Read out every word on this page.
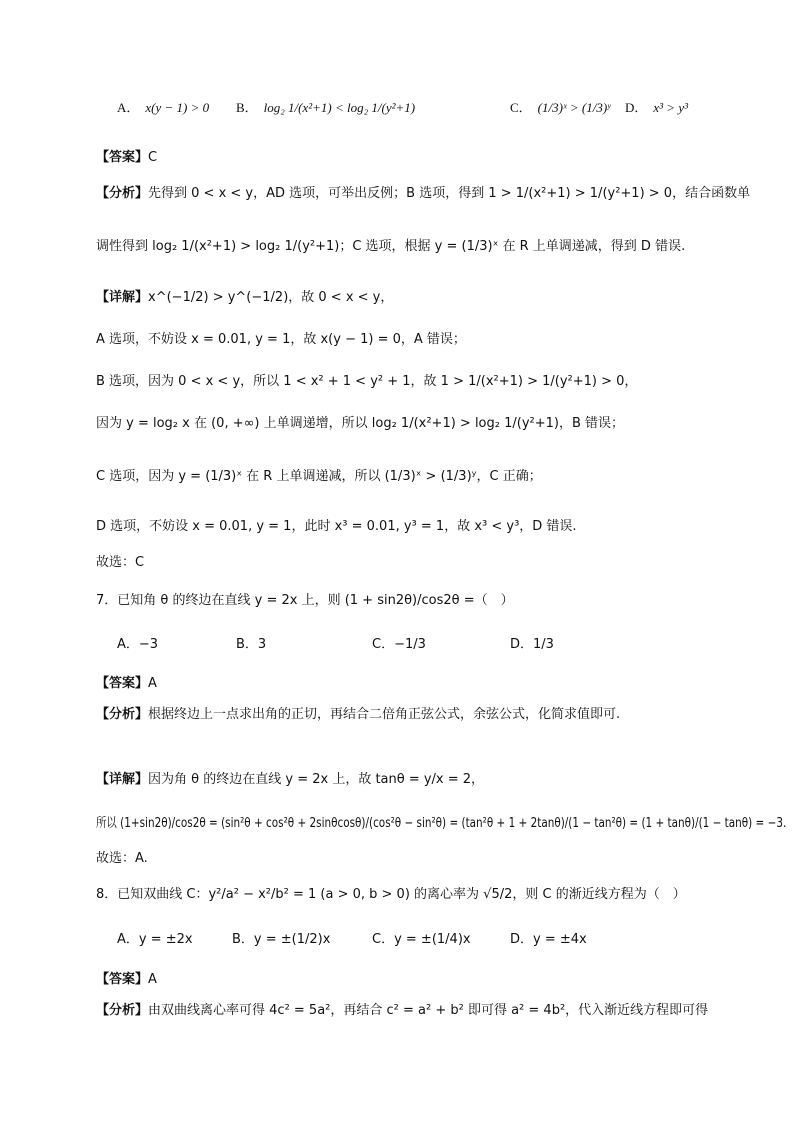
A． x(y − 1) > 0 B． log₂ 1/(x²+1) < log₂ 1/(y²+1)	C． (1/3)ˣ > (1/3)ʸ D． x³ > y³
【答案】C
【分析】先得到 0 < x < y，AD 选项，可举出反例；B 选项，得到 1 > 1/(x²+1) > 1/(y²+1) > 0，结合函数单
调性得到 log₂ 1/(x²+1) > log₂ 1/(y²+1)；C 选项，根据 y = (1/3)ˣ 在 R 上单调递减，得到 D 错误.
【详解】x^(−1/2) > y^(−1/2)，故 0 < x < y，
A 选项，不妨设 x = 0.01, y = 1，故 x(y − 1) = 0，A 错误；
B 选项，因为 0 < x < y，所以 1 < x² + 1 < y² + 1，故 1 > 1/(x²+1) > 1/(y²+1) > 0，
因为 y = log₂ x 在 (0, +∞) 上单调递增，所以 log₂ 1/(x²+1) > log₂ 1/(y²+1)，B 错误；
C 选项，因为 y = (1/3)ˣ 在 R 上单调递减，所以 (1/3)ˣ > (1/3)ʸ，C 正确；
D 选项，不妨设 x = 0.01, y = 1，此时 x³ = 0.01, y³ = 1，故 x³ < y³，D 错误.
故选：C
7．已知角 θ 的终边在直线 y = 2x 上，则 (1 + sin2θ)/cos2θ =（　）
A．−3	B．3	C．−1/3	D．1/3
【答案】A
【分析】根据终边上一点求出角的正切，再结合二倍角正弦公式，余弦公式，化简求值即可.
【详解】因为角 θ 的终边在直线 y = 2x 上，故 tanθ = y/x = 2，
所以 (1+sin2θ)/cos2θ = (sin²θ + cos²θ + 2sinθcosθ)/(cos²θ − sin²θ) = (tan²θ + 1 + 2tanθ)/(1 − tan²θ) = (1 + tanθ)/(1 − tanθ) = −3.
故选：A.
8．已知双曲线 C：y²/a² − x²/b² = 1 (a > 0, b > 0) 的离心率为 √5/2，则 C 的渐近线方程为（　）
A．y = ±2x	B．y = ±(1/2)x	C．y = ±(1/4)x	D．y = ±4x
【答案】A
【分析】由双曲线离心率可得 4c² = 5a²，再结合 c² = a² + b² 即可得 a² = 4b²，代入渐近线方程即可得
